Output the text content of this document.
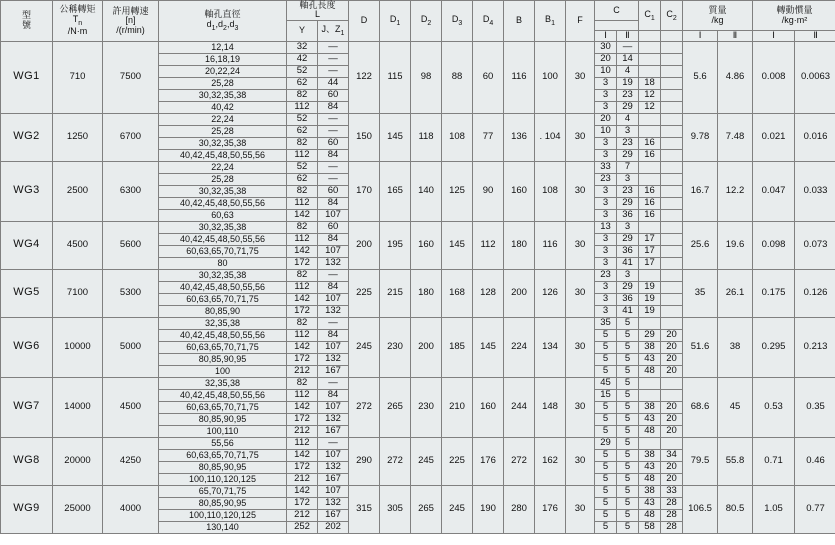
型
號	公稱轉矩
$T_n$
/N·m	許用轉速
[n]
/(r/min)	軸孔直徑
$d_1,d_2,d_3$	軸孔長度
L		D	$D_1$	$D_2$	$D_3$	$D_4$	B	$B_1$	F	C		$C_1$	$C_2$	質量
/kg		轉動慣量
/kg·m²	

				Y	J、$Z_1$	
														Ⅰ	Ⅱ			Ⅰ	Ⅱ	Ⅰ	Ⅱ
WG1	710	7500	12,14	32	—	122	115	98	88	60	116	100	30	30	—			5.6	4.86	0.008	0.0063
			16,18,19	42	—									20	14						
			20,22,24	52	—									10	4						
			25,28	62	44									3	19	18					
			30,32,35,38	82	60									3	23	12					
			40,42	112	84									3	29	12					
WG2	1250	6700	22,24	52	—	150	145	118	108	77	136	. 104	30	20	4			9.78	7.48	0.021	0.016
			25,28	62	—									10	3						
			30,32,35,38	82	60									3	23	16					
			40,42,45,48,50,55,56	112	84									3	29	16					
WG3	2500	6300	22,24	52	—	170	165	140	125	90	160	108	30	33	7			16.7	12.2	0.047	0.033
			25,28	62	—									23	3						
			30,32,35,38	82	60									3	23	16					
			40,42,45,48,50,55,56	112	84									3	29	16					
			60,63	142	107									3	36	16					
WG4	4500	5600	30,32,35,38	82	60	200	195	160	145	112	180	116	30	13	3			25.6	19.6	0.098	0.073
			40,42,45,48,50,55,56	112	84									3	29	17					
			60,63,65,70,71,75	142	107									3	36	17					
			80	172	132									3	41	17					
WG5	7100	5300	30,32,35,38	82	—	225	215	180	168	128	200	126	30	23	3			35	26.1	0.175	0.126
			40,42,45,48,50,55,56	112	84									3	29	19					
			60,63,65,70,71,75	142	107									3	36	19					
			80,85,90	172	132									3	41	19					
WG6	10000	5000	32,35,38	82	—	245	230	200	185	145	224	134	30	35	5			51.6	38	0.295	0.213
			40,42,45,48,50,55,56	112	84									5	5	29	20				
			60,63,65,70,71,75	142	107									5	5	38	20				
			80,85,90,95	172	132									5	5	43	20				
			100	212	167									5	5	48	20				
WG7	14000	4500	32,35,38	82	—	272	265	230	210	160	244	148	30	45	5			68.6	45	0.53	0.35
			40,42,45,48,50,55,56	112	84									15	5						
			60,63,65,70,71,75	142	107									5	5	38	20				
			80,85,90,95	172	132									5	5	43	20				
			100,110	212	167									5	5	48	20				
WG8	20000	4250	55,56	112	—	290	272	245	225	176	272	162	30	29	5			79.5	55.8	0.71	0.46
			60,63,65,70,71,75	142	107									5	5	38	34				
			80,85,90,95	172	132									5	5	43	20				
			100,110,120,125	212	167									5	5	48	20				
WG9	25000	4000	65,70,71,75	142	107	315	305	265	245	190	280	176	30	5	5	38	33	106.5	80.5	1.05	0.77
			80,85,90,95	172	132									5	5	43	28				
			100,110,120,125	212	167									5	5	48	28				
			130,140	252	202									5	5	58	28				
